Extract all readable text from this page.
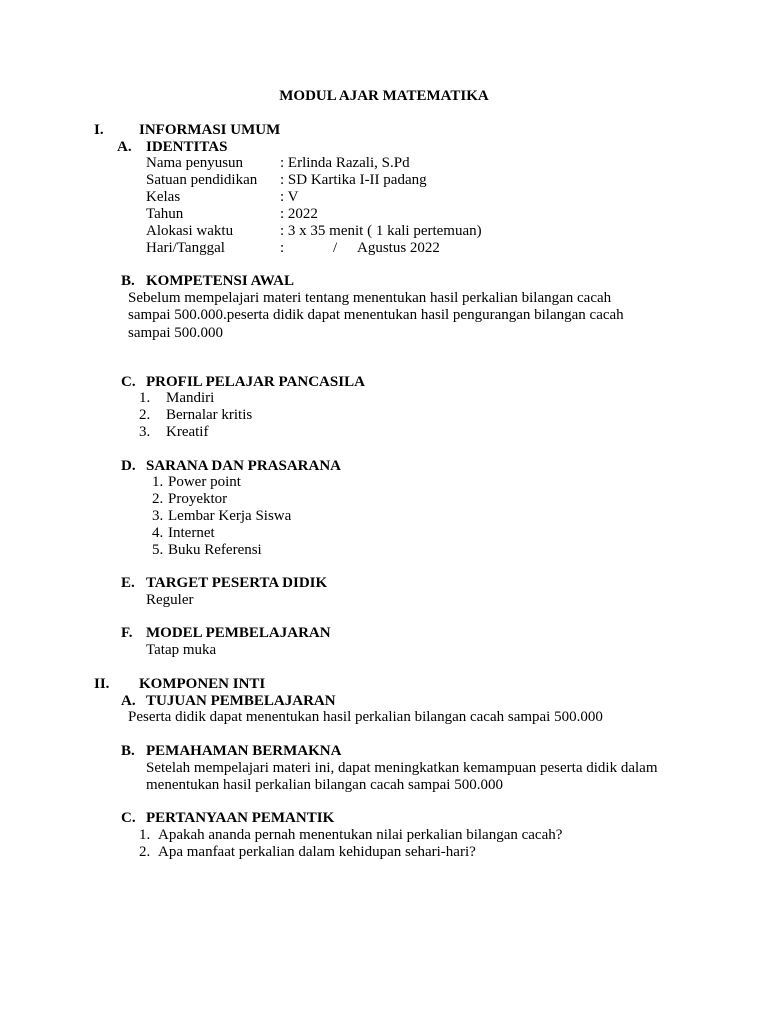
MODUL AJAR MATEMATIKA
I. INFORMASI UMUM
A. IDENTITAS
Nama penyusun : Erlinda Razali, S.Pd
Satuan pendidikan : SD Kartika I-II padang
Kelas	: V
Tahun	: 2022
Alokasi waktu	: 3 x 35 menit ( 1 kali pertemuan)
Hari/Tanggal	:	/ Agustus 2022
B. KOMPETENSI AWAL
Sebelum mempelajari materi tentang menentukan hasil perkalian bilangan cacah
sampai 500.000.peserta didik dapat menentukan hasil pengurangan bilangan cacah
sampai 500.000
C. PROFIL PELAJAR PANCASILA
1. Mandiri
2. Bernalar kritis
3. Kreatif
D. SARANA DAN PRASARANA
1. Power point
2. Proyektor
3. Lembar Kerja Siswa
4. Internet
5. Buku Referensi
E. TARGET PESERTA DIDIK
Reguler
F. MODEL PEMBELAJARAN
Tatap muka
II. KOMPONEN INTI
A. TUJUAN PEMBELAJARAN
Peserta didik dapat menentukan hasil perkalian bilangan cacah sampai 500.000
B. PEMAHAMAN BERMAKNA
Setelah mempelajari materi ini, dapat meningkatkan kemampuan peserta didik dalam
menentukan hasil perkalian bilangan cacah sampai 500.000
C. PERTANYAAN PEMANTIK
1. Apakah ananda pernah menentukan nilai perkalian bilangan cacah?
2. Apa manfaat perkalian dalam kehidupan sehari-hari?
